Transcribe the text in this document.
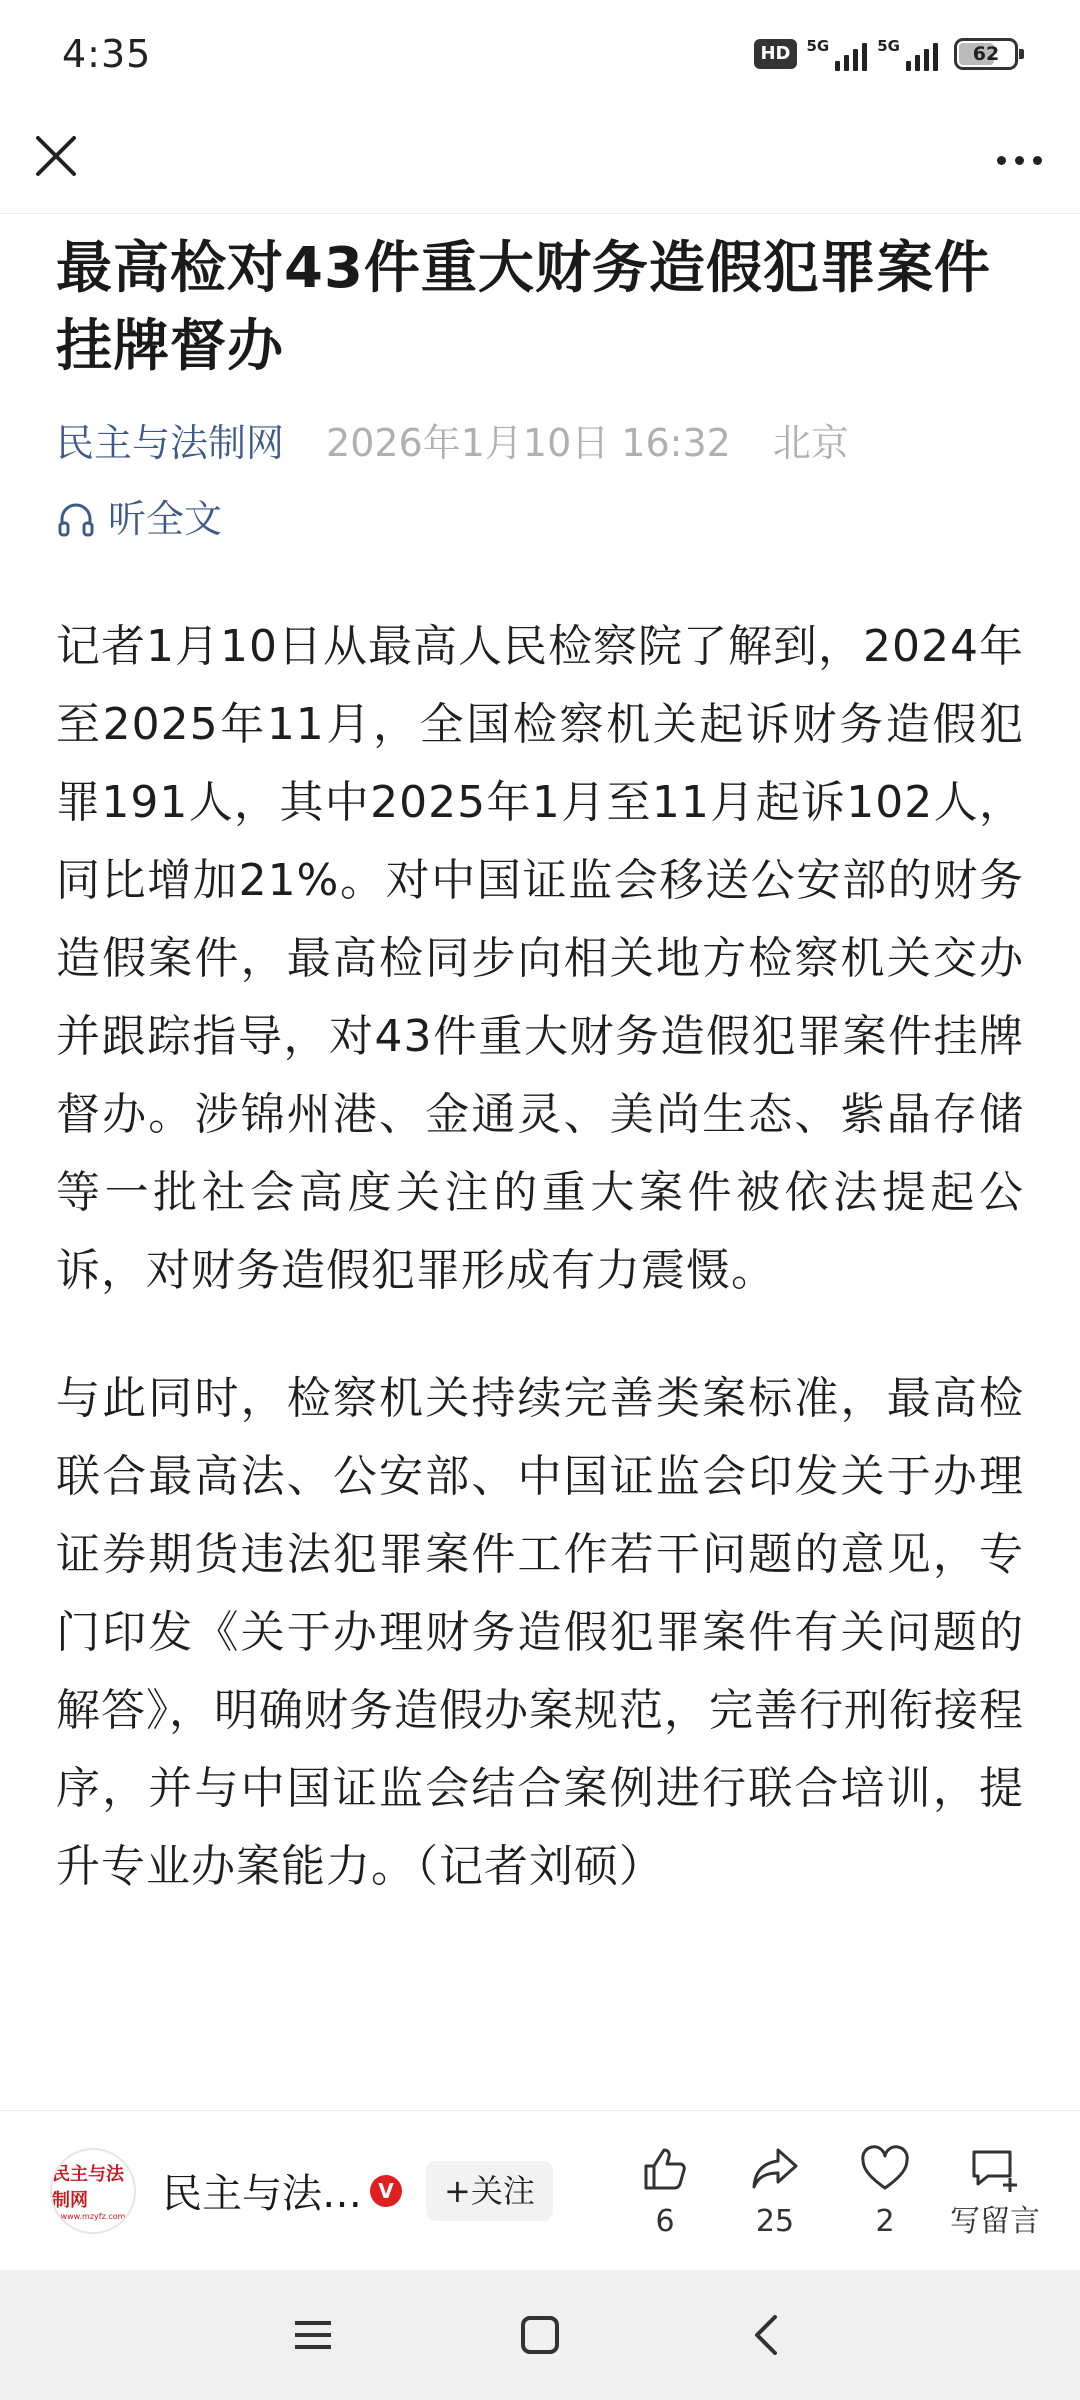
4:35	HD	5G	5G	62
最高检对43件重大财务造假犯罪案件挂牌督办
民主与法制网 2026年1月10日 16:32 北京
听全文

记者1月10日从最高人民检察院了解到，2024年至2025年11月，全国检察机关起诉财务造假犯罪191人，其中2025年1月至11月起诉102人，同比增加21%。对中国证监会移送公安部的财务造假案件，最高检同步向相关地方检察机关交办并跟踪指导，对43件重大财务造假犯罪案件挂牌督办。涉锦州港、金通灵、美尚生态、紫晶存储等一批社会高度关注的重大案件被依法提起公诉，对财务造假犯罪形成有力震慑。

与此同时，检察机关持续完善类案标准，最高检联合最高法、公安部、中国证监会印发关于办理证券期货违法犯罪案件工作若干问题的意见，专门印发《关于办理财务造假犯罪案件有关问题的解答》，明确财务造假办案规范，完善行刑衔接程序，并与中国证监会结合案例进行联合培训，提升专业办案能力。（记者刘硕）

民主与法制网
www.mzyfz.com 民主与法… V	+关注
6	25	2 写留言
